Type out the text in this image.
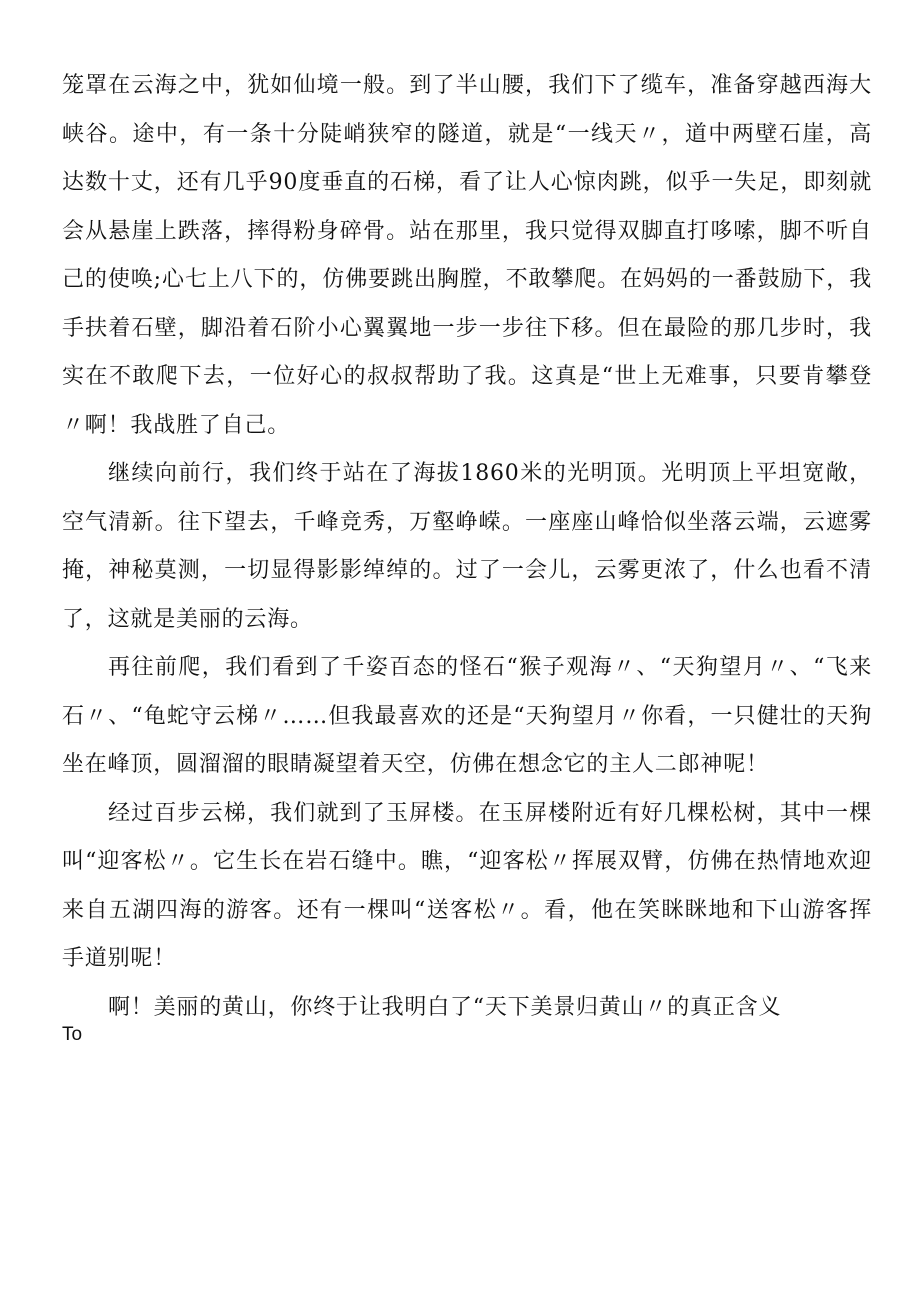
笼罩在云海之中，犹如仙境一般。到了半山腰，我们下了缆车，准备穿越西海大峡谷。途中，有一条十分陡峭狭窄的隧道，就是“一线天〃，道中两壁石崖，高达数十丈，还有几乎90度垂直的石梯，看了让人心惊肉跳，似乎一失足，即刻就会从悬崖上跌落，摔得粉身碎骨。站在那里，我只觉得双脚直打哆嗦，脚不听自己的使唤;心七上八下的，仿佛要跳出胸膛，不敢攀爬。在妈妈的一番鼓励下，我手扶着石壁，脚沿着石阶小心翼翼地一步一步往下移。但在最险的那几步时，我实在不敢爬下去，一位好心的叔叔帮助了我。这真是“世上无难事，只要肯攀登〃啊！我战胜了自己。

继续向前行，我们终于站在了海拔1860米的光明顶。光明顶上平坦宽敞，空气清新。往下望去，千峰竞秀，万壑峥嵘。一座座山峰恰似坐落云端，云遮雾掩，神秘莫测，一切显得影影绰绰的。过了一会儿，云雾更浓了，什么也看不清了，这就是美丽的云海。

再往前爬，我们看到了千姿百态的怪石“猴子观海〃、“天狗望月〃、“飞来石〃、“龟蛇守云梯〃……但我最喜欢的还是“天狗望月〃你看，一只健壮的天狗坐在峰顶，圆溜溜的眼睛凝望着天空，仿佛在想念它的主人二郎神呢！

经过百步云梯，我们就到了玉屏楼。在玉屏楼附近有好几棵松树，其中一棵叫“迎客松〃。它生长在岩石缝中。瞧，“迎客松〃挥展双臂，仿佛在热情地欢迎来自五湖四海的游客。还有一棵叫“送客松〃。看，他在笑眯眯地和下山游客挥手道别呢！

啊！美丽的黄山，你终于让我明白了“天下美景归黄山〃的真正含义

To
